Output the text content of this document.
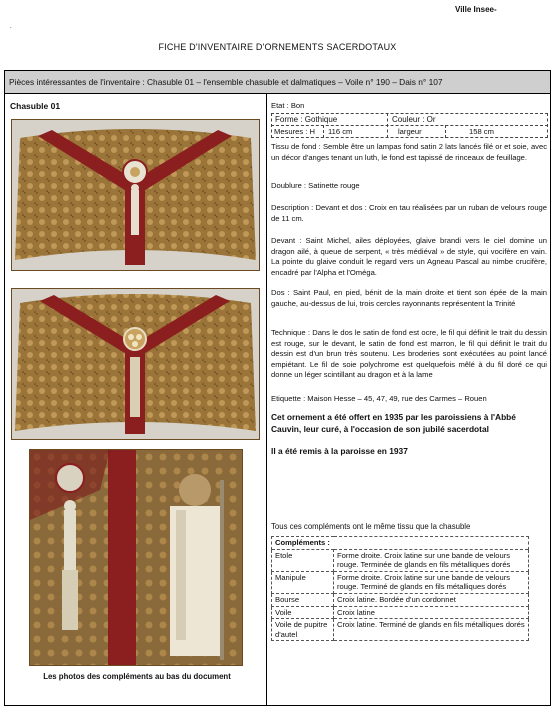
Ville Insee-
.
FICHE D'INVENTAIRE D'ORNEMENTS SACERDOTAUX
Pièces intéressantes de l'inventaire : Chasuble 01 – l'ensemble chasuble et dalmatiques – Voile n° 190 – Dais n° 107
Chasuble 01
Les photos des compléments au bas du document
Etat : Bon
Forme : Gothique	Couleur : Or
Mesures : H 116 cm	largeur	158 cm
Tissu de fond : Semble être un lampas fond satin 2 lats lancés filé or et soie, avec un décor d'anges tenant un luth, le fond est tapissé de rinceaux de feuillage.
Doublure : Satinette rouge
Description : Devant et dos : Croix en tau réalisées par un ruban de velours rouge de 11 cm.
Devant : Saint Michel, ailes déployées, glaive brandi vers le ciel domine un dragon ailé, à queue de serpent, « très médiéval » de style, qui vocifère en vain. La pointe du glaive conduit le regard vers un Agneau Pascal au nimbe crucifère, encadré par l'Alpha et l'Oméga.
Dos : Saint Paul, en pied, bénit de la main droite et tient son épée de la main gauche, au-dessus de lui, trois cercles rayonnants représentent la Trinité
Technique : Dans le dos le satin de fond est ocre, le fil qui définit le trait du dessin est rouge, sur le devant, le satin de fond est marron, le fil qui définit le trait du dessin est d'un brun très soutenu. Les broderies sont exécutées au point lancé empiétant. Le fil de soie polychrome est quelquefois mêlé à du fil doré ce qui donne un léger scintillant au dragon et à la lame
Etiquette : Maison Hesse – 45, 47, 49, rue des Carmes – Rouen
Cet ornement a été offert en 1935 par les paroissiens à l'Abbé Cauvin, leur curé, à l'occasion de son jubilé sacerdotal
Il a été remis à la paroisse en 1937
Tous ces compléments ont le même tissu que la chasuble
Compléments :	
Etole	Forme droite. Croix latine sur une bande de velours rouge. Terminée de glands en fils métalliques dorés
Manipule	Forme droite. Croix latine sur une bande de velours rouge. Terminé de glands en fils métalliques dorés
Bourse	Croix latine. Bordée d'un cordonnet
Voile	Croix latine
Voile de pupitre d'autel	Croix latine. Terminé de glands en fils métalliques dorés
